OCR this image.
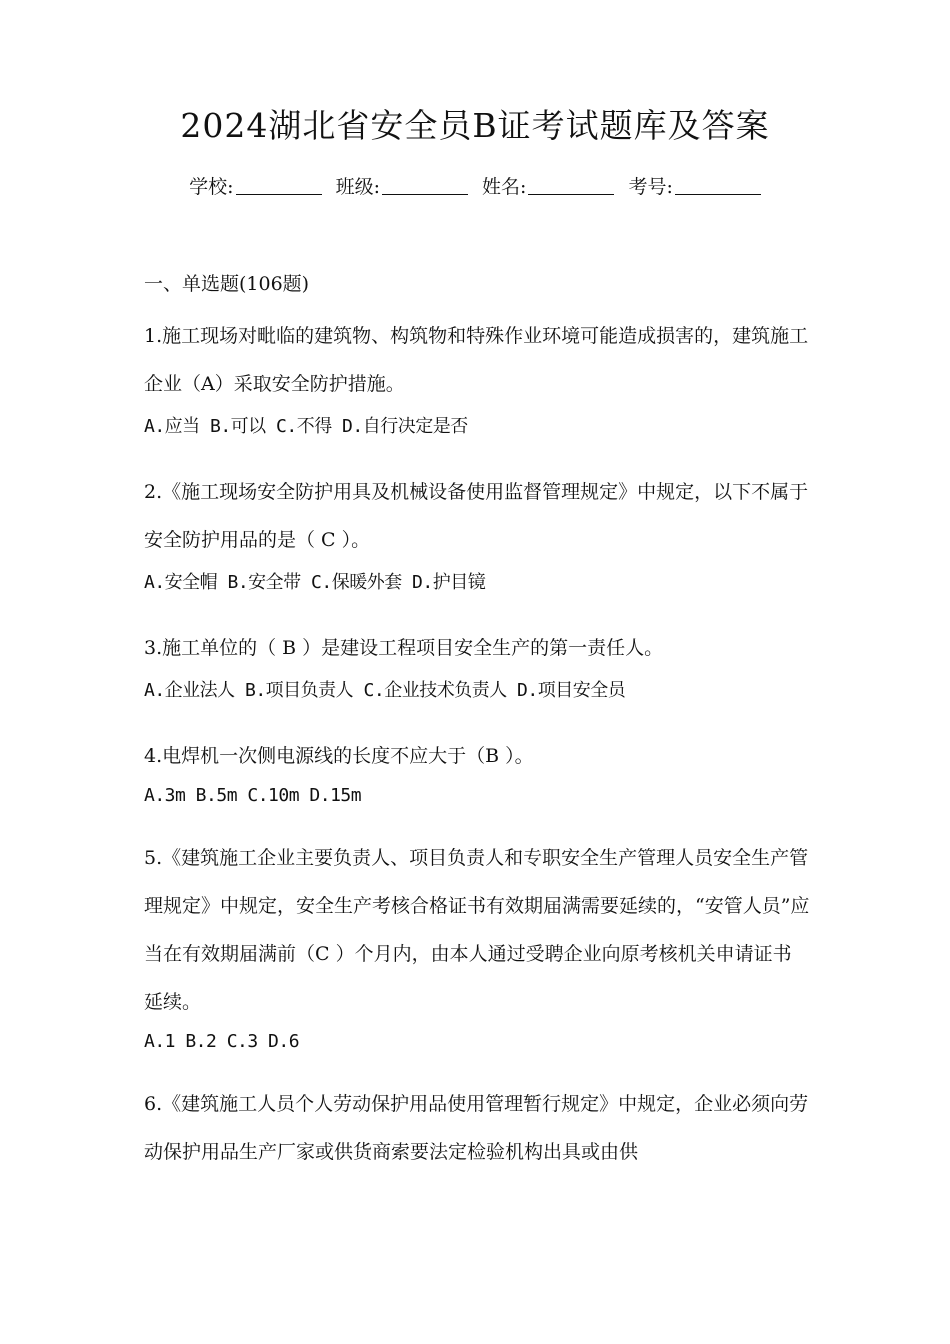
2024湖北省安全员B证考试题库及答案
学校:	班级:	姓名:	考号:
一、单选题(106题)

1.施工现场对毗临的建筑物、构筑物和特殊作业环境可能造成损害的，建筑施工企业（A）采取安全防护措施。

A.应当 B.可以 C.不得 D.自行决定是否

2.《施工现场安全防护用具及机械设备使用监督管理规定》中规定，以下不属于安全防护用品的是（ C ）。

A.安全帽 B.安全带 C.保暖外套 D.护目镜

3.施工单位的（ B ）是建设工程项目安全生产的第一责任人。

A.企业法人 B.项目负责人 C.企业技术负责人 D.项目安全员

4.电焊机一次侧电源线的长度不应大于（B ）。

A.3m B.5m C.10m D.15m

5.《建筑施工企业主要负责人、项目负责人和专职安全生产管理人员安全生产管理规定》中规定，安全生产考核合格证书有效期届满需要延续的，“安管人员”应当在有效期届满前（C ）个月内，由本人通过受聘企业向原考核机关申请证书延续。

A.1 B.2 C.3 D.6

6.《建筑施工人员个人劳动保护用品使用管理暂行规定》中规定，企业必须向劳动保护用品生产厂家或供货商索要法定检验机构出具或由供
